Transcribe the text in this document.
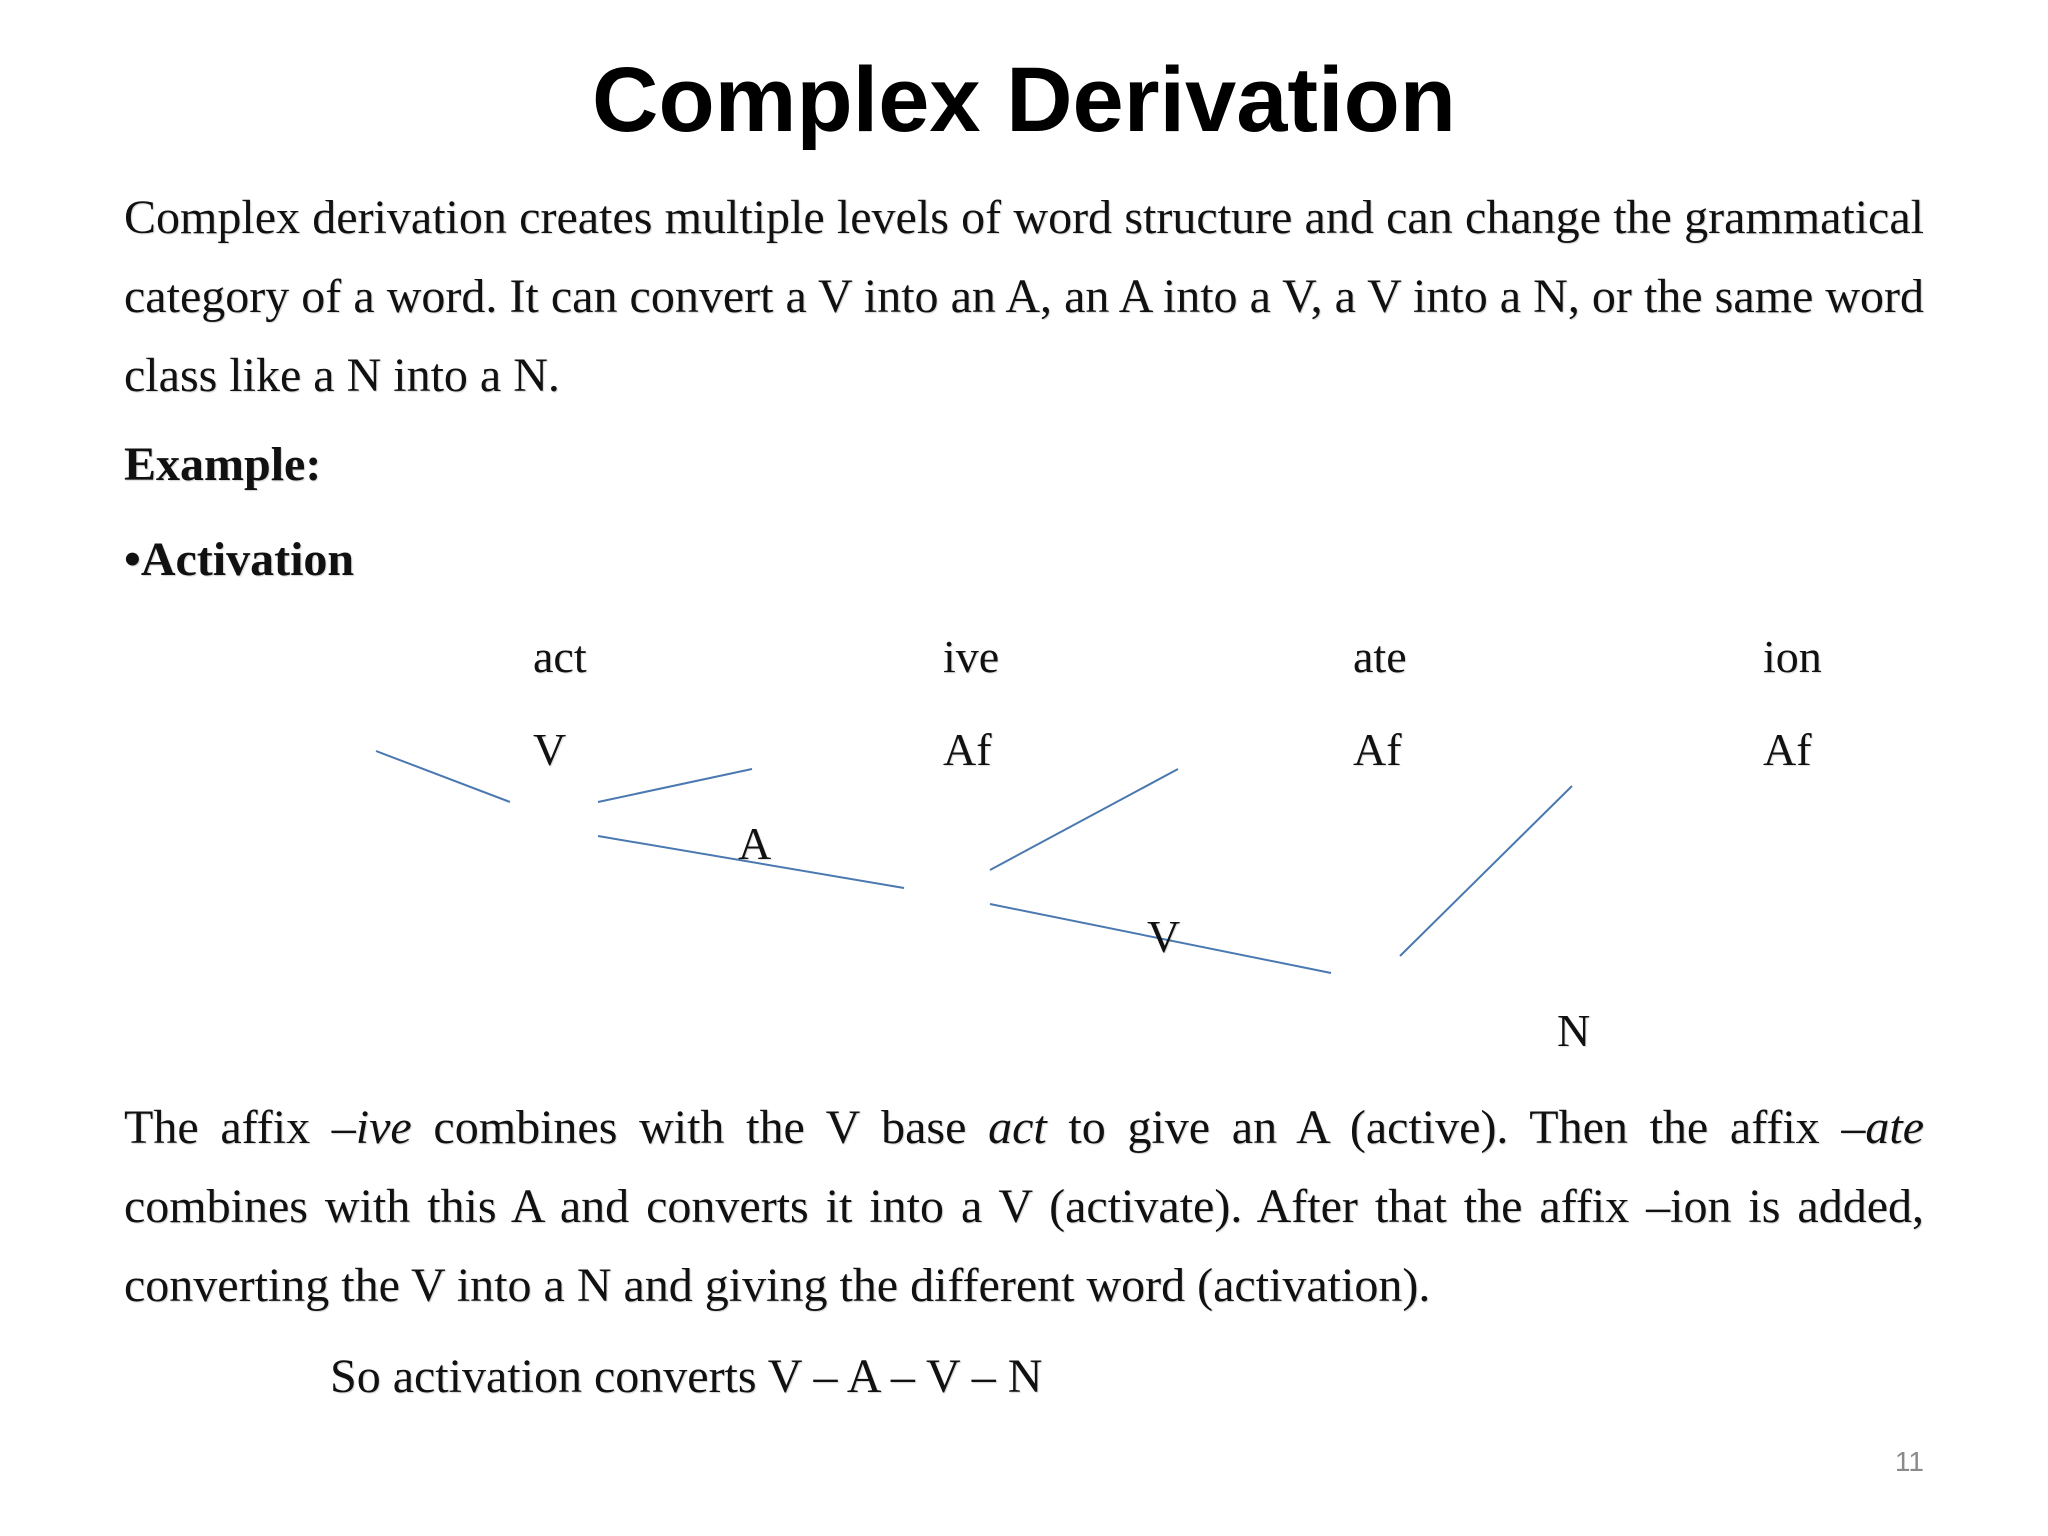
Complex Derivation
Complex derivation creates multiple levels of word structure and can change the grammatical category of a word. It can convert a V into an A, an A into a V, a V into a N, or the same word class like a N into a N.
Example:
•Activation
act	ive	ate	ion
V	Af	Af	Af
A
V
N
The affix –ive combines with the V base act to give an A (active). Then the affix –ate combines with this A and converts it into a V (activate). After that the affix –ion is added, converting the V into a N and giving the different word (activation).
So activation converts V – A – V – N
11
